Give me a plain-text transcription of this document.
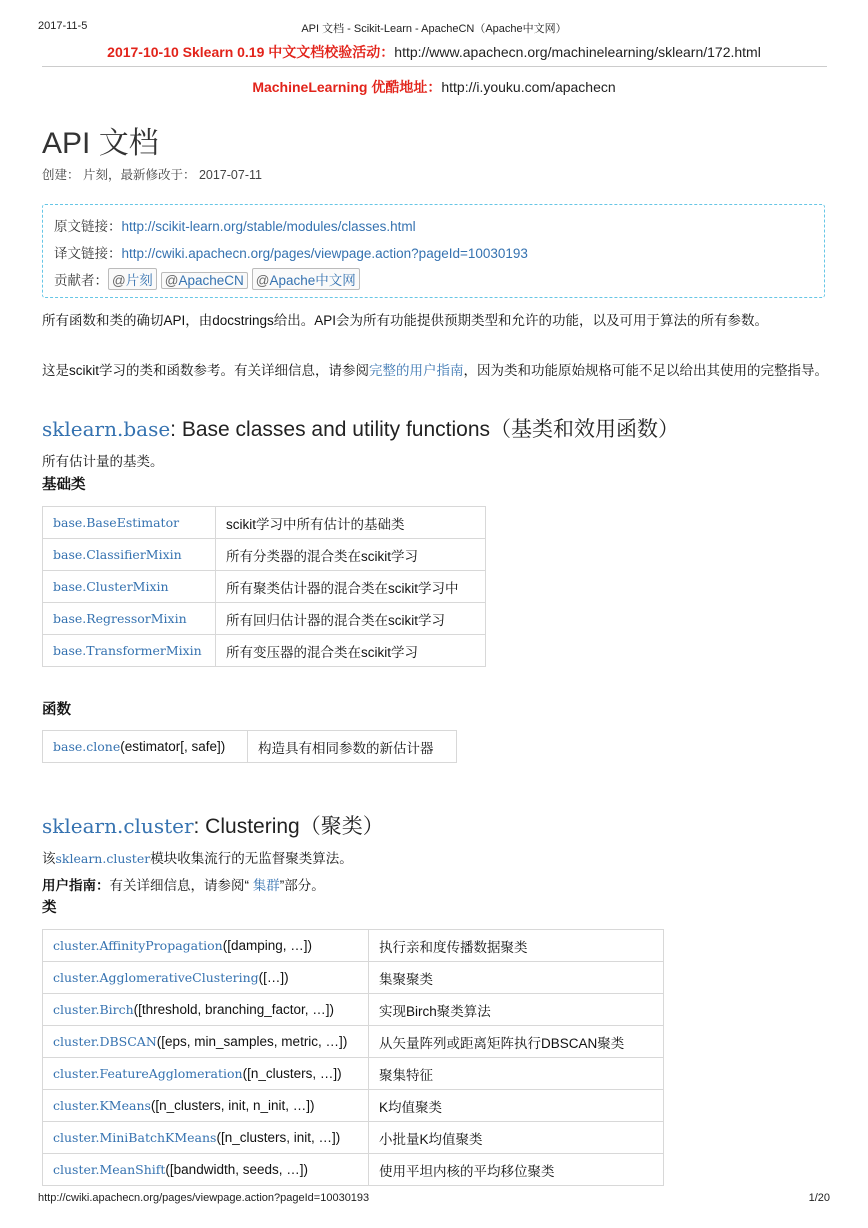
2017-11-5	API 文档 - Scikit-Learn - ApacheCN（Apache中文网）
2017-10-10 Sklearn 0.19 中文文档校验活动：http://www.apachecn.org/machinelearning/sklearn/172.html
MachineLearning 优酷地址：http://i.youku.com/apachecn
API 文档
创建： 片刻，最新修改于： 2017-07-11
原文链接：http://scikit-learn.org/stable/modules/classes.html
译文链接：http://cwiki.apachecn.org/pages/viewpage.action?pageId=10030193
贡献者： @片刻 @ApacheCN @Apache中文网
所有函数和类的确切API，由docstrings给出。API会为所有功能提供预期类型和允许的功能，以及可用于算法的所有参数。
这是scikit学习的类和函数参考。有关详细信息，请参阅完整的用户指南，因为类和功能原始规格可能不足以给出其使用的完整指导。
sklearn.base: Base classes and utility functions（基类和效用函数）
所有估计量的基类。
基础类
base.BaseEstimator	scikit学习中所有估计的基础类
base.ClassifierMixin	所有分类器的混合类在scikit学习
base.ClusterMixin	所有聚类估计器的混合类在scikit学习中
base.RegressorMixin	所有回归估计器的混合类在scikit学习
base.TransformerMixin	所有变压器的混合类在scikit学习
函数
base.clone(estimator[, safe])	构造具有相同参数的新估计器
sklearn.cluster: Clustering（聚类）
该sklearn.cluster模块收集流行的无监督聚类算法。
用户指南：有关详细信息，请参阅“ 集群”部分。
类
cluster.AffinityPropagation([damping, …])	执行亲和度传播数据聚类
cluster.AgglomerativeClustering([…])	集聚聚类
cluster.Birch([threshold, branching_factor, …])	实现Birch聚类算法
cluster.DBSCAN([eps, min_samples, metric, …])	从矢量阵列或距离矩阵执行DBSCAN聚类
cluster.FeatureAgglomeration([n_clusters, …])	聚集特征
cluster.KMeans([n_clusters, init, n_init, …])	K均值聚类
cluster.MiniBatchKMeans([n_clusters, init, …])	小批量K均值聚类
cluster.MeanShift([bandwidth, seeds, …])	使用平坦内核的平均移位聚类
http://cwiki.apachecn.org/pages/viewpage.action?pageId=10030193	1/20
